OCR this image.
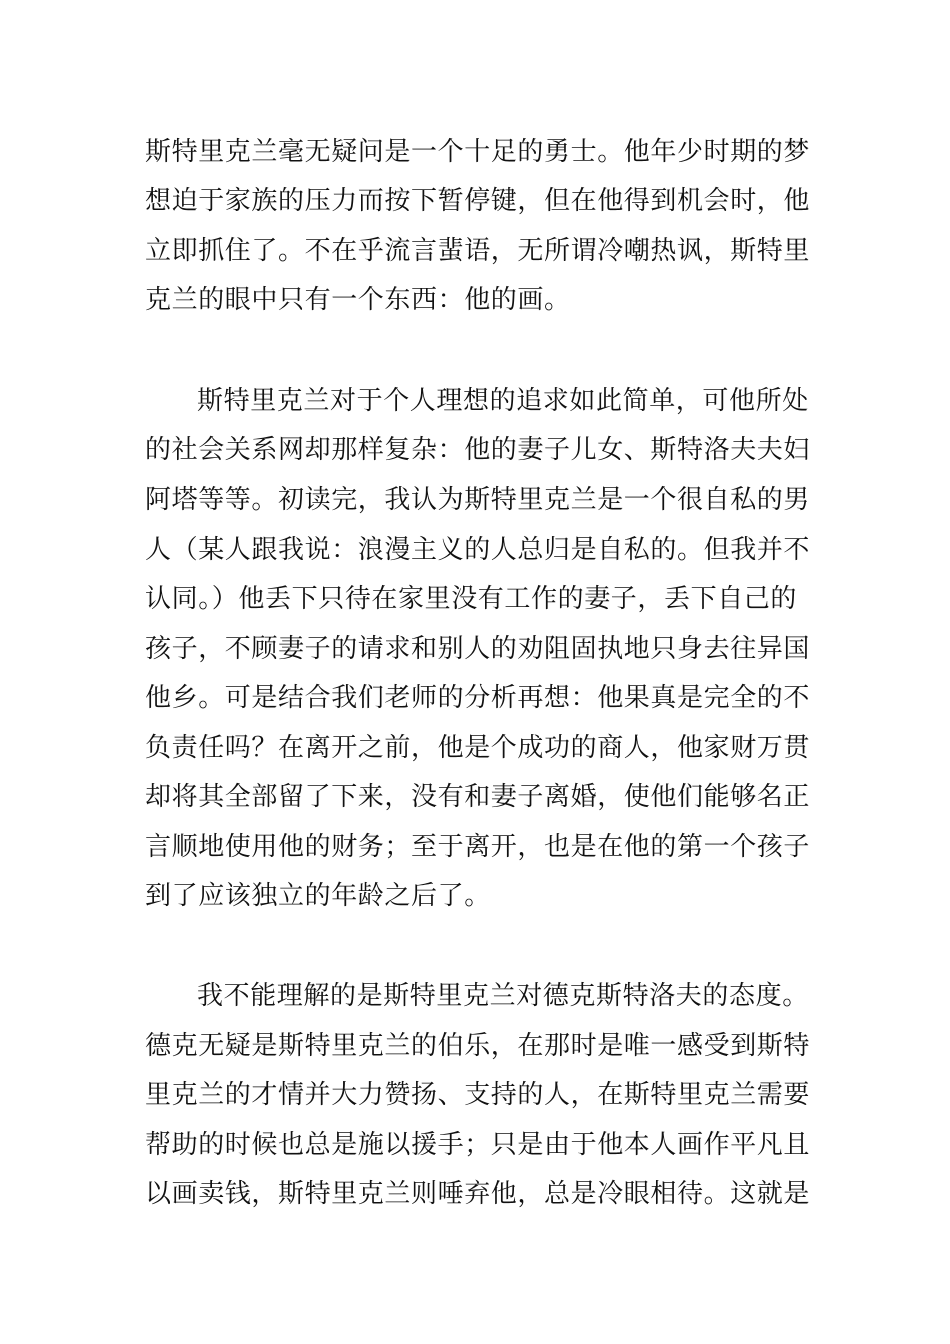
斯特里克兰毫无疑问是一个十足的勇士。他年少时期的梦
想迫于家族的压力而按下暂停键，但在他得到机会时，他
立即抓住了。不在乎流言蜚语，无所谓冷嘲热讽，斯特里
克兰的眼中只有一个东西：他的画。
斯特里克兰对于个人理想的追求如此简单，可他所处
的社会关系网却那样复杂：他的妻子儿女、斯特洛夫夫妇
阿塔等等。初读完，我认为斯特里克兰是一个很自私的男
人（某人跟我说：浪漫主义的人总归是自私的。但我并不
认同。）他丢下只待在家里没有工作的妻子，丢下自己的
孩子，不顾妻子的请求和别人的劝阻固执地只身去往异国
他乡。可是结合我们老师的分析再想：他果真是完全的不
负责任吗？在离开之前，他是个成功的商人，他家财万贯
却将其全部留了下来，没有和妻子离婚，使他们能够名正
言顺地使用他的财务；至于离开，也是在他的第一个孩子
到了应该独立的年龄之后了。
我不能理解的是斯特里克兰对德克斯特洛夫的态度。
德克无疑是斯特里克兰的伯乐，在那时是唯一感受到斯特
里克兰的才情并大力赞扬、支持的人，在斯特里克兰需要
帮助的时候也总是施以援手；只是由于他本人画作平凡且
以画卖钱，斯特里克兰则唾弃他，总是冷眼相待。这就是
